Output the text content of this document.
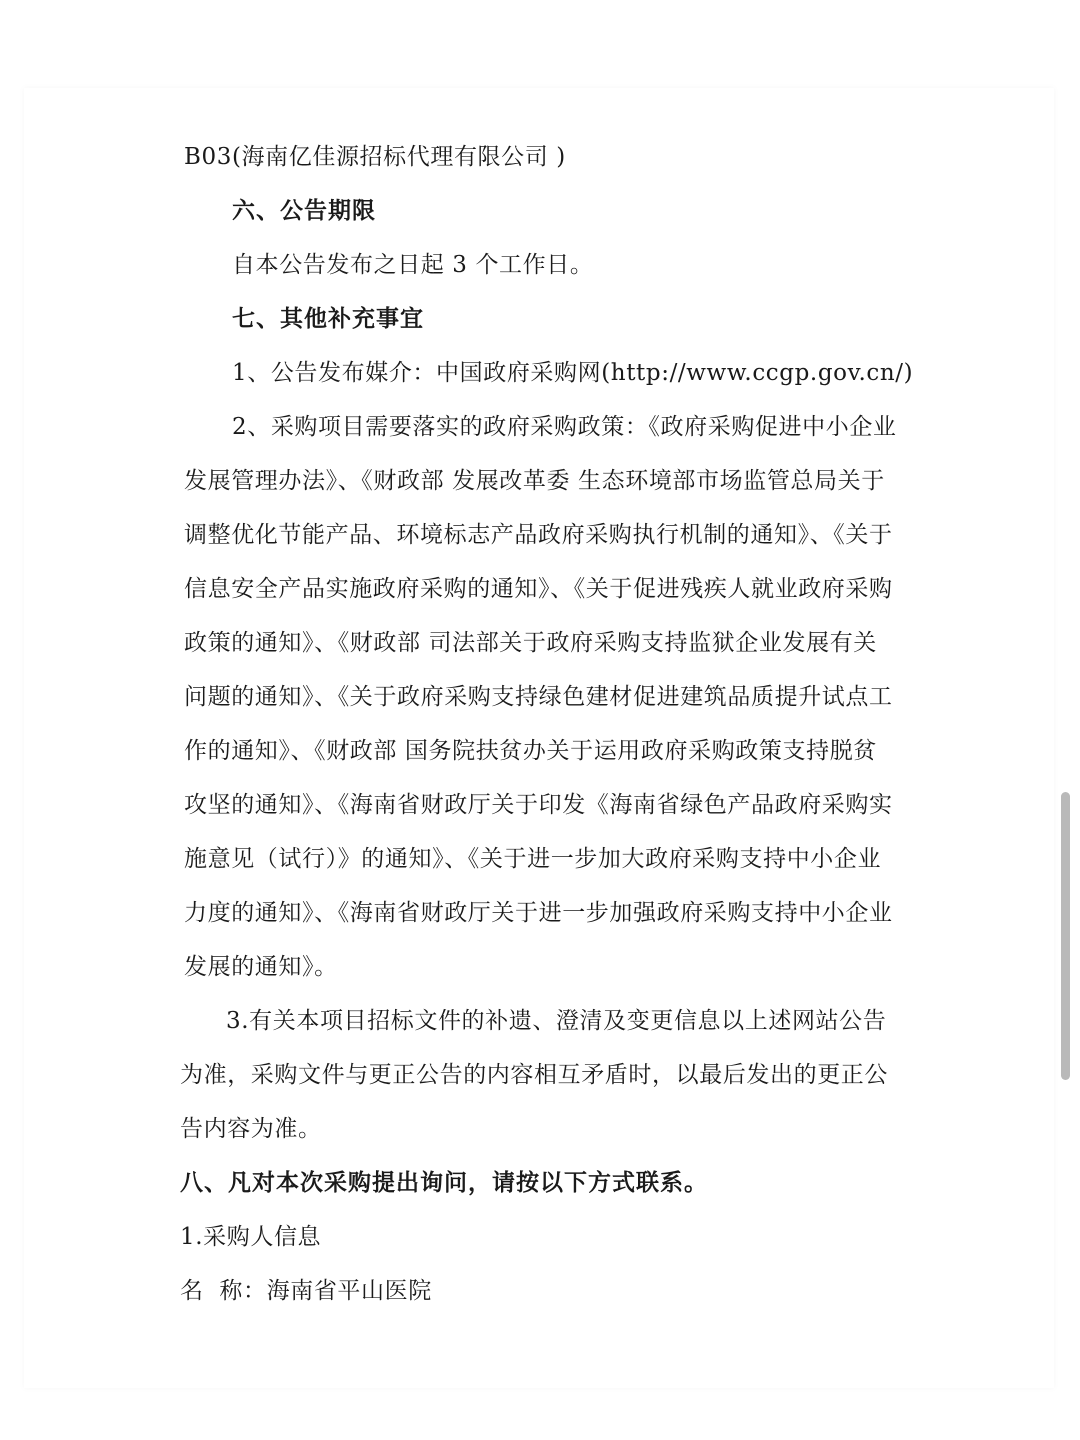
B03(海南亿佳源招标代理有限公司 )
六、公告期限
自本公告发布之日起 3 个工作日。
七、其他补充事宜
1、公告发布媒介：中国政府采购网(http://www.ccgp.gov.cn/)
2、采购项目需要落实的政府采购政策：《政府采购促进中小企业
发展管理办法》、《财政部 发展改革委 生态环境部市场监管总局关于
调整优化节能产品、环境标志产品政府采购执行机制的通知》、《关于
信息安全产品实施政府采购的通知》、《关于促进残疾人就业政府采购
政策的通知》、《财政部 司法部关于政府采购支持监狱企业发展有关
问题的通知》、《关于政府采购支持绿色建材促进建筑品质提升试点工
作的通知》、《财政部 国务院扶贫办关于运用政府采购政策支持脱贫
攻坚的通知》、《海南省财政厅关于印发《海南省绿色产品政府采购实
施意见（试行）》的通知》、《关于进一步加大政府采购支持中小企业
力度的通知》、《海南省财政厅关于进一步加强政府采购支持中小企业
发展的通知》。
3.有关本项目招标文件的补遗、澄清及变更信息以上述网站公告
为准，采购文件与更正公告的内容相互矛盾时，以最后发出的更正公
告内容为准。
八、凡对本次采购提出询问，请按以下方式联系。
1.采购人信息
名  称：海南省平山医院
